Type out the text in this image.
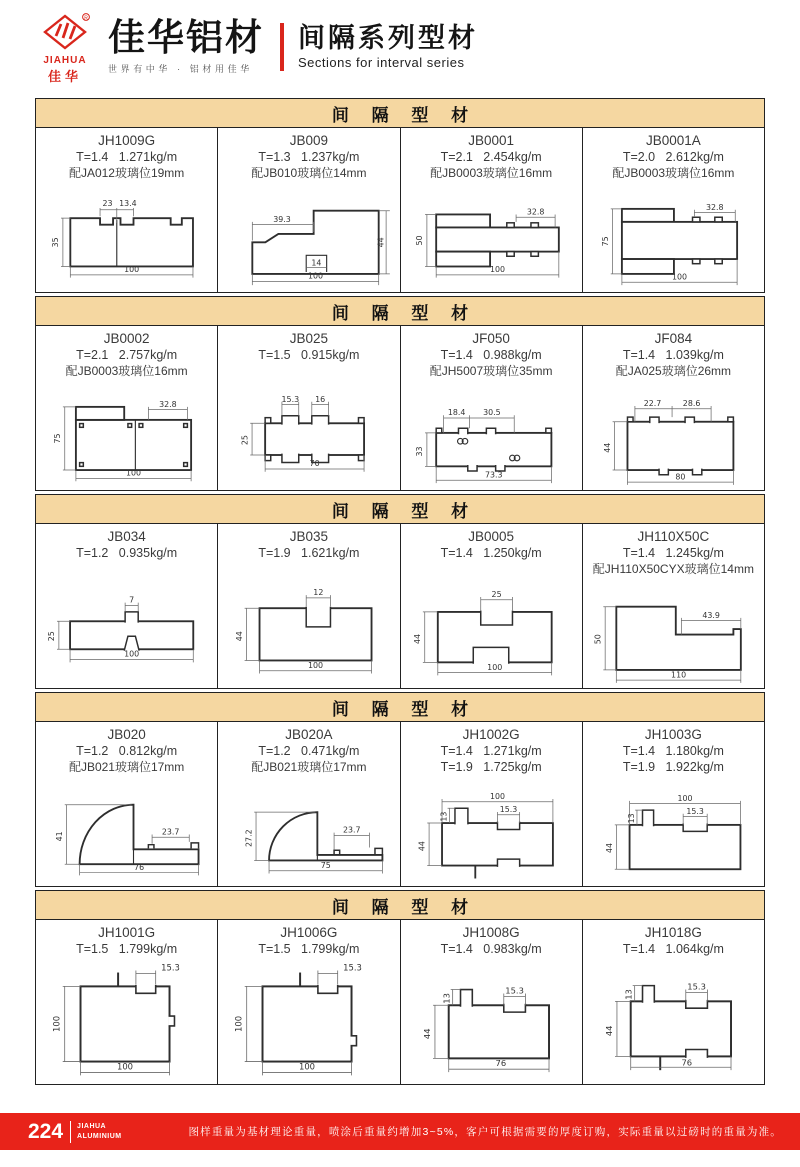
R
JIAHUA
佳华
佳华铝材
世界有中华 · 铝材用佳华
间隔系列型材
Sections for interval series
间 隔 型 材
JH1009G
T=1.4   1.271kg/m
配JA012玻璃位19mm
23 13.4
35
100
JB009
T=1.3   1.237kg/m
配JB010玻璃位14mm
39.3
44
14
100
JB0001
T=2.1   2.454kg/m
配JB0003玻璃位16mm
32.8
50
100
JB0001A
T=2.0   2.612kg/m
配JB0003玻璃位16mm
32.8
75
100
间 隔 型 材
JB0002
T=2.1   2.757kg/m
配JB0003玻璃位16mm
32.8
75
100
JB025
T=1.5   0.915kg/m
15.3 16
25
70
JF050
T=1.4   0.988kg/m
配JH5007玻璃位35mm
18.4 30.5
33
73.3
JF084
T=1.4   1.039kg/m
配JA025玻璃位26mm
22.7	28.6
44
80
间 隔 型 材
JB034
T=1.2   0.935kg/m
7
25
100
JB035
T=1.9   1.621kg/m
12
44
100
JB0005
T=1.4   1.250kg/m
25
44
100
JH110X50C
T=1.4   1.245kg/m
配JH110X50CYX玻璃位14mm
43.9
50
110
间 隔 型 材
JB020
T=1.2   0.812kg/m
配JB021玻璃位17mm
41	23.7
76
JB020A
T=1.2   0.471kg/m
配JB021玻璃位17mm
27.2	23.7
75
JH1002G
T=1.4   1.271kg/m
T=1.9   1.725kg/m
100
13
15.3
44
JH1003G
T=1.4   1.180kg/m
T=1.9   1.922kg/m
100
13
15.3
44
间 隔 型 材
JH1001G
T=1.5   1.799kg/m
15.3
100
100
JH1006G
T=1.5   1.799kg/m
15.3
100
100
JH1008G
T=1.4   0.983kg/m
13
15.3
44
76
JH1018G
T=1.4   1.064kg/m
13
15.3
44
76
224 JIAHUA
ALUMINIUM	图样重量为基材理论重量，喷涂后重量约增加3~5%，客户可根据需要的厚度订购，实际重量以过磅时的重量为准。
